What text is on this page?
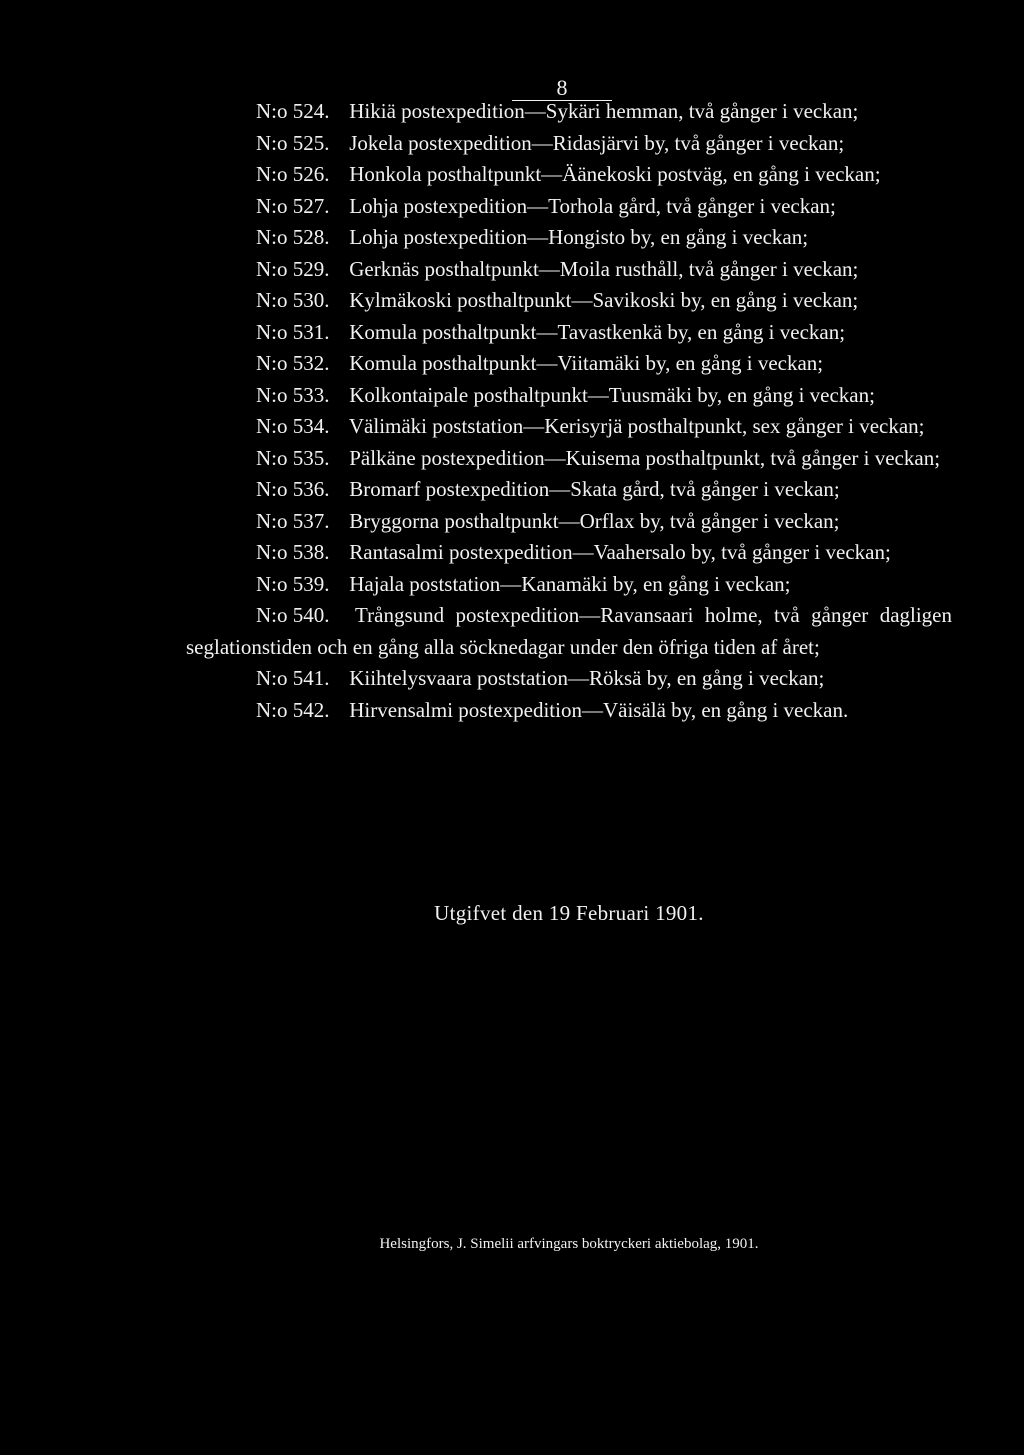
8
N:o 524. Hikiä postexpedition—Sykäri hemman, två gånger i veckan;
N:o 525. Jokela postexpedition—Ridasjärvi by, två gånger i veckan;
N:o 526. Honkola posthaltpunkt—Äänekoski postväg, en gång i veckan;
N:o 527. Lohja postexpedition—Torhola gård, två gånger i veckan;
N:o 528. Lohja postexpedition—Hongisto by, en gång i veckan;
N:o 529. Gerknäs posthaltpunkt—Moila rusthåll, två gånger i veckan;
N:o 530. Kylmäkoski posthaltpunkt—Savikoski by, en gång i veckan;
N:o 531. Komula posthaltpunkt—Tavastkenkä by, en gång i veckan;
N:o 532. Komula posthaltpunkt—Viitamäki by, en gång i veckan;
N:o 533. Kolkontaipale posthaltpunkt—Tuusmäki by, en gång i veckan;
N:o 534. Välimäki poststation—Kerisyrjä posthaltpunkt, sex gånger i veckan;
N:o 535. Pälkäne postexpedition—Kuisema posthaltpunkt, två gånger i veckan;
N:o 536. Bromarf postexpedition—Skata gård, två gånger i veckan;
N:o 537. Bryggorna posthaltpunkt—Orflax by, två gånger i veckan;
N:o 538. Rantasalmi postexpedition—Vaahersalo by, två gånger i veckan;
N:o 539. Hajala poststation—Kanamäki by, en gång i veckan;
N:o 540. Trångsund postexpedition—Ravansaari holme, två gånger dagligen seglationstiden och en gång alla söcknedagar under den öfriga tiden af året;
N:o 541. Kiihtelysvaara poststation—Röksä by, en gång i veckan;
N:o 542. Hirvensalmi postexpedition—Väisälä by, en gång i veckan.
Utgifvet den 19 Februari 1901.
Helsingfors, J. Simelii arfvingars boktryckeri aktiebolag, 1901.
